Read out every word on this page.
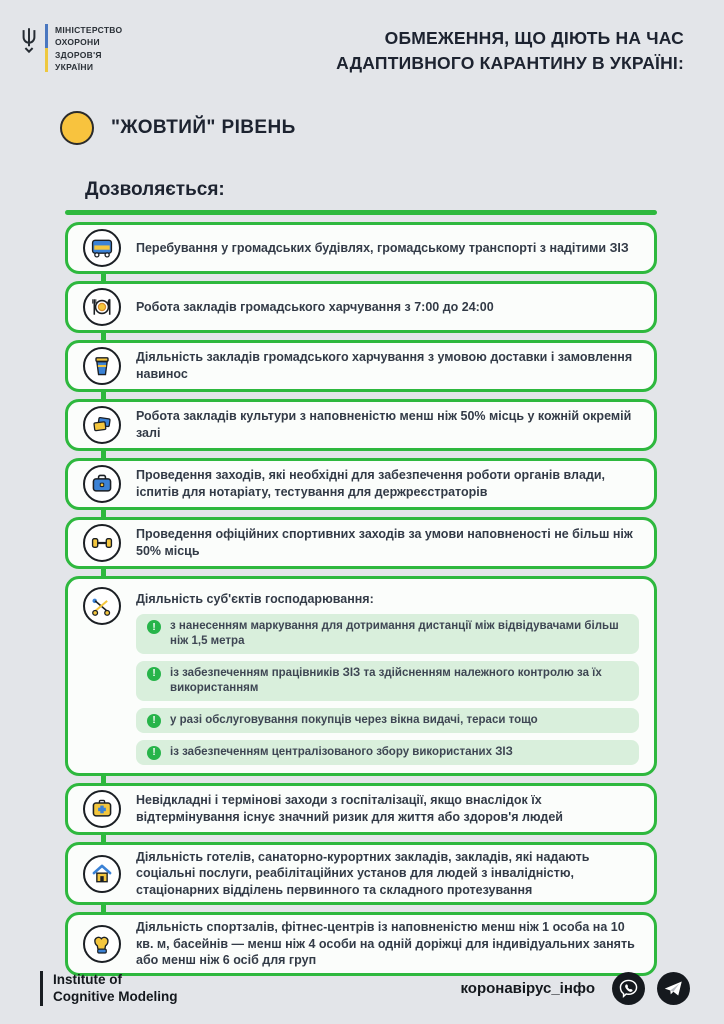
МІНІСТЕРСТВО
ОХОРОНИ
ЗДОРОВ'Я
УКРАЇНИ
ОБМЕЖЕННЯ, ЩО ДІЮТЬ НА ЧАС АДАПТИВНОГО КАРАНТИНУ В УКРАЇНІ:
"ЖОВТИЙ" РІВЕНЬ
Дозволяється:
Перебування у громадських будівлях, громадському транспорті з надітими ЗІЗ
Робота закладів громадського харчування з 7:00 до 24:00
Діяльність закладів громадського харчування з умовою доставки і замовлення навинос
Робота закладів культури з наповненістю менш ніж 50% місць у кожній окремій залі
Проведення заходів, які необхідні для забезпечення роботи органів влади, іспитів для нотаріату, тестування для держреєстраторів
Проведення офіційних спортивних заходів за умови наповненості не більш ніж 50% місць
Діяльність суб'єктів господарювання:
!	з нанесенням маркування для дотримання дистанції між відвідувачами більш ніж 1,5 метра
!	із забезпеченням працівників ЗІЗ та здійсненням належного контролю за їх використанням
!	у разі обслуговування покупців через вікна видачі, тераси тощо
!	із забезпеченням централізованого збору використаних ЗІЗ
Невідкладні і термінові заходи з госпіталізації, якщо внаслідок їх відтермінування існує значний ризик для життя або здоров'я людей
Діяльність готелів, санаторно-курортних закладів, закладів, які надають соціальні послуги, реабілітаційних установ для людей з інвалідністю, стаціонарних відділень первинного та складного протезування
Діяльність спортзалів, фітнес-центрів із наповненістю менш ніж 1 особа на 10 кв. м, басейнів — менш ніж 4 особи на одній доріжці для індивідуальних занять або менш ніж 6 осіб для груп
Institute of
Cognitive Modeling	коронавірус_інфо
